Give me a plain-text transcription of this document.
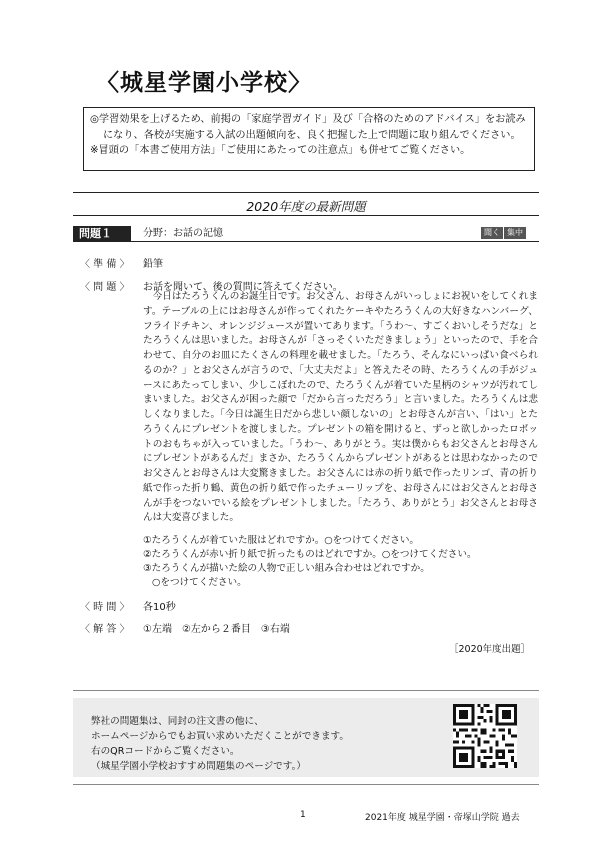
〈城星学園小学校〉

◎学習効果を上げるため、前掲の「家庭学習ガイド」及び「合格のためのアドバイス」をお読みになり、各校が実施する入試の出題傾向を、良く把握した上で問題に取り組んでください。

※冒頭の「本書ご使用方法」「ご使用にあたっての注意点」も併せてご覧ください。

2020年度の最新問題
問題１	分野：お話の記憶	聞く 集中
〈 準 備 〉 鉛筆
〈 問 題 〉 お話を聞いて、後の質問に答えてください。

今日はたろうくんのお誕生日です。お父さん、お母さんがいっしょにお祝いをしてくれます。テーブルの上にはお母さんが作ってくれたケーキやたろうくんの大好きなハンバーグ、フライドチキン、オレンジジュースが置いてあります。「うわ〜、すごくおいしそうだな」とたろうくんは思いました。お母さんが「さっそくいただきましょう」といったので、手を合わせて、自分のお皿にたくさんの料理を載せました。「たろう、そんなにいっぱい食べられるのか？」とお父さんが言うので、「大丈夫だよ」と答えたその時、たろうくんの手がジュースにあたってしまい、少しこぼれたので、たろうくんが着ていた星柄のシャツが汚れてしまいました。お父さんが困った顔で「だから言っただろう」と言いました。たろうくんは悲しくなりました。「今日は誕生日だから悲しい顔しないの」とお母さんが言い、「はい」とたろうくんにプレゼントを渡しました。プレゼントの箱を開けると、ずっと欲しかったロボットのおもちゃが入っていました。「うわ〜、ありがとう。実は僕からもお父さんとお母さんにプレゼントがあるんだ」まさか、たろうくんからプレゼントがあるとは思わなかったのでお父さんとお母さんは大変驚きました。お父さんには赤の折り紙で作ったリンゴ、青の折り紙で作った折り鶴、黄色の折り紙で作ったチューリップを、お母さんにはお父さんとお母さんが手をつないでいる絵をプレゼントしました。「たろう、ありがとう」お父さんとお母さんは大変喜びました。

①たろうくんが着ていた服はどれですか。○をつけてください。
②たろうくんが赤い折り紙で折ったものはどれですか。○をつけてください。
③たろうくんが描いた絵の人物で正しい組み合わせはどれですか。
○をつけてください。
〈 時 間 〉 各10秒
〈 解 答 〉 ①左端　②左から２番目　③右端
［2020年度出題］
弊社の問題集は、同封の注文書の他に、
ホームページからでもお買い求めいただくことができます。
右のQRコードからご覧ください。
（城星学園小学校おすすめ問題集のページです。）
1	2021年度 城星学園・帝塚山学院 過去
